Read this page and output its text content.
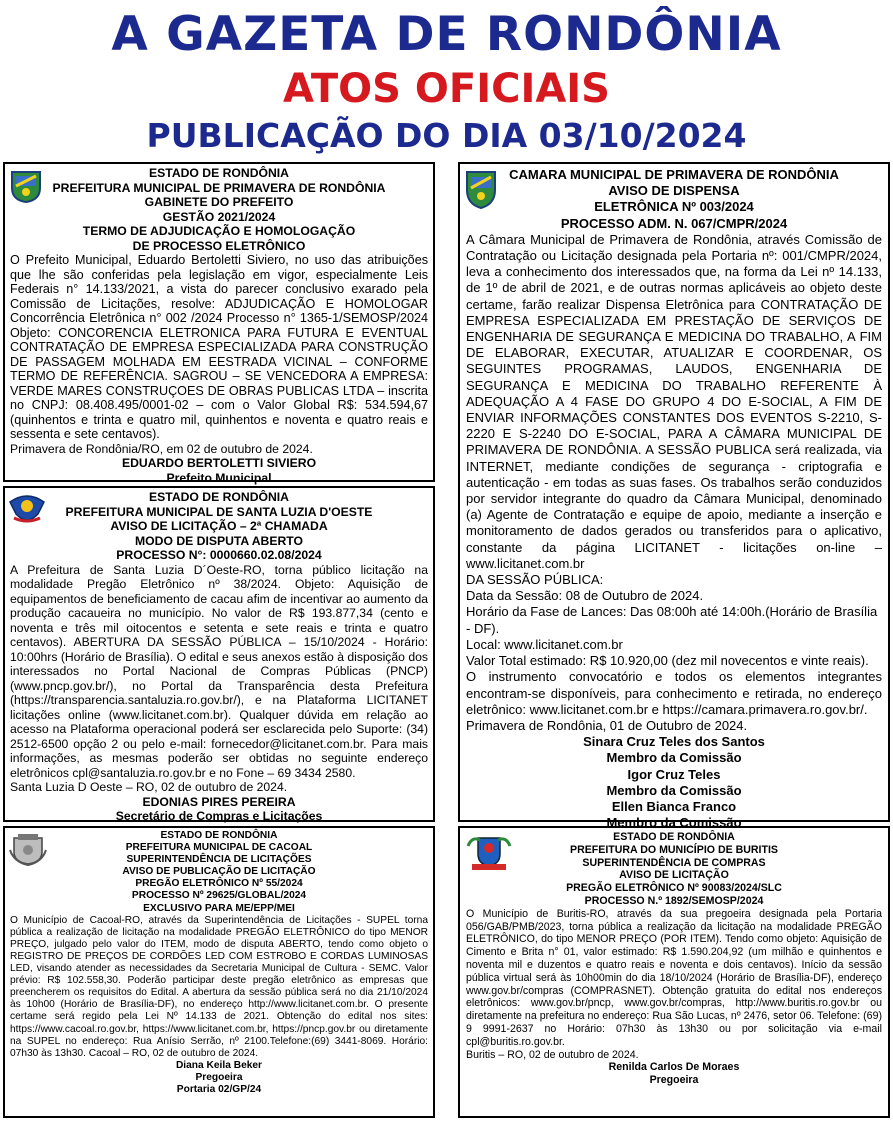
A GAZETA DE RONDÔNIA
ATOS OFICIAIS
PUBLICAÇÃO DO DIA 03/10/2024
ESTADO DE RONDÔNIA
PREFEITURA MUNICIPAL DE PRIMAVERA DE RONDÔNIA
GABINETE DO PREFEITO
GESTÃO 2021/2024
TERMO DE ADJUDICAÇÃO E HOMOLOGAÇÃO
DE PROCESSO ELETRÔNICO

O Prefeito Municipal, Eduardo Bertoletti Siviero, no uso das atribuições que lhe são conferidas pela legislação em vigor, especialmente Leis Federais n° 14.133/2021, a vista do parecer conclusivo exarado pela Comissão de Licitações, resolve: ADJUDICAÇÃO E HOMOLOGAR Concorrência Eletrônica n° 002 /2024 Processo n° 1365-1/SEMOSP/2024 Objeto: CONCORENCIA ELETRONICA PARA FUTURA E EVENTUAL CONTRATAÇÃO DE EMPRESA ESPECIALIZADA PARA CONSTRUÇÃO DE PASSAGEM MOLHADA EM EESTRADA VICINAL – CONFORME TERMO DE REFERÊNCIA. SAGROU – SE VENCEDORA A EMPRESA: VERDE MARES CONSTRUÇOES DE OBRAS PUBLICAS LTDA – inscrita no CNPJ: 08.408.495/0001-02 – com o Valor Global R$: 534.594,67 (quinhentos e trinta e quatro mil, quinhentos e noventa e quatro reais e sessenta e sete centavos).

Primavera de Rondônia/RO, em 02 de outubro de 2024.

EDUARDO BERTOLETTI SIVIERO
Prefeito Municipal
ESTADO DE RONDÔNIA
PREFEITURA MUNICIPAL DE SANTA LUZIA D'OESTE
AVISO DE LICITAÇÃO – 2ª CHAMADA
MODO DE DISPUTA ABERTO
PROCESSO N°: 0000660.02.08/2024

A Prefeitura de Santa Luzia D´Oeste-RO, torna público licitação na modalidade Pregão Eletrônico nº 38/2024. Objeto: Aquisição de equipamentos de beneficiamento de cacau afim de incentivar ao aumento da produção cacaueira no município. No valor de R$ 193.877,34 (cento e noventa e três mil oitocentos e setenta e sete reais e trinta e quatro centavos). ABERTURA DA SESSÃO PÚBLICA – 15/10/2024 - Horário: 10:00hrs (Horário de Brasília). O edital e seus anexos estão à disposição dos interessados no Portal Nacional de Compras Públicas (PNCP) (www.pncp.gov.br/), no Portal da Transparência desta Prefeitura (https://transparencia.santaluzia.ro.gov.br/), e na Plataforma LICITANET licitações online (www.licitanet.com.br). Qualquer dúvida em relação ao acesso na Plataforma operacional poderá ser esclarecida pelo Suporte: (34) 2512-6500 opção 2 ou pelo e-mail: fornecedor@licitanet.com.br. Para mais informações, as mesmas poderão ser obtidas no seguinte endereço eletrônicos cpl@santaluzia.ro.gov.br e no Fone – 69 3434 2580.

Santa Luzia D Oeste – RO, 02 de outubro de 2024.

EDONIAS PIRES PEREIRA
Secretário de Compras e Licitações
CAMARA MUNICIPAL DE PRIMAVERA DE RONDÔNIA
AVISO DE DISPENSA
ELETRÔNICA Nº 003/2024
PROCESSO ADM. N. 067/CMPR/2024

A Câmara Municipal de Primavera de Rondônia, através Comissão de Contratação ou Licitação designada pela Portaria nº: 001/CMPR/2024, leva a conhecimento dos interessados que, na forma da Lei nº 14.133, de 1º de abril de 2021, e de outras normas aplicáveis ao objeto deste certame, farão realizar Dispensa Eletrônica para CONTRATAÇÃO DE EMPRESA ESPECIALIZADA EM PRESTAÇÃO DE SERVIÇOS DE ENGENHARIA DE SEGURANÇA E MEDICINA DO TRABALHO, A FIM DE ELABORAR, EXECUTAR, ATUALIZAR E COORDENAR, OS SEGUINTES PROGRAMAS, LAUDOS, ENGENHARIA DE SEGURANÇA E MEDICINA DO TRABALHO REFERENTE À ADEQUAÇÃO A 4 FASE DO GRUPO 4 DO E-SOCIAL, A FIM DE ENVIAR INFORMAÇÕES CONSTANTES DOS EVENTOS S-2210, S-2220 E S-2240 DO E-SOCIAL, PARA A CÂMARA MUNICIPAL DE PRIMAVERA DE RONDÔNIA. A SESSÃO PUBLICA será realizada, via INTERNET, mediante condições de segurança - criptografia e autenticação - em todas as suas fases. Os trabalhos serão conduzidos por servidor integrante do quadro da Câmara Municipal, denominado (a) Agente de Contratação e equipe de apoio, mediante a inserção e monitoramento de dados gerados ou transferidos para o aplicativo, constante da página LICITANET - licitações on-line – www.licitanet.com.br

DA SESSÃO PÚBLICA:

Data da Sessão: 08 de Outubro de 2024.

Horário da Fase de Lances: Das 08:00h até 14:00h.(Horário de Brasília - DF).

Local: www.licitanet.com.br

Valor Total estimado: R$ 10.920,00 (dez mil novecentos e vinte reais).

O instrumento convocatório e todos os elementos integrantes encontram-se disponíveis, para conhecimento e retirada, no endereço eletrônico: www.licitanet.com.br e https://camara.primavera.ro.gov.br/.

Primavera de Rondônia, 01 de Outubro de 2024.

Sinara Cruz Teles dos Santos
Membro da Comissão
Igor Cruz Teles
Membro da Comissão
Ellen Bianca Franco
Membro da Comissão
ESTADO DE RONDÔNIA
PREFEITURA MUNICIPAL DE CACOAL
SUPERINTENDÊNCIA DE LICITAÇÕES
AVISO DE PUBLICAÇÃO DE LICITAÇÃO
PREGÃO ELETRÔNICO Nº 55/2024
PROCESSO Nº 29625/GLOBAL/2024
EXCLUSIVO PARA ME/EPP/MEI

O Município de Cacoal-RO, através da Superintendência de Licitações - SUPEL torna pública a realização de licitação na modalidade PREGÃO ELETRÔNICO do tipo MENOR PREÇO, julgado pelo valor do ITEM, modo de disputa ABERTO, tendo como objeto o REGISTRO DE PREÇOS DE CORDÕES LED COM ESTROBO E CORDAS LUMINOSAS LED, visando atender as necessidades da Secretaria Municipal de Cultura - SEMC. Valor prévio: R$ 102.558,30. Poderão participar deste pregão eletrônico as empresas que preencherem os requisitos do Edital. A abertura da sessão pública será no dia 21/10/2024 às 10h00 (Horário de Brasília-DF), no endereço http://www.licitanet.com.br. O presente certame será regido pela Lei Nº 14.133 de 2021. Obtenção do edital nos sites: https://www.cacoal.ro.gov.br, https://www.licitanet.com.br, https://pncp.gov.br ou diretamente na SUPEL no endereço: Rua Anísio Serrão, nº 2100.Telefone:(69) 3441-8069. Horário: 07h30 às 13h30. Cacoal – RO, 02 de outubro de 2024.

Diana Keila Beker
Pregoeira
Portaria 02/GP/24
ESTADO DE RONDÔNIA
PREFEITURA DO MUNICÍPIO DE BURITIS
SUPERINTENDÊNCIA DE COMPRAS
AVISO DE LICITAÇÃO
PREGÃO ELETRÔNICO Nº 90083/2024/SLC
PROCESSO N.º 1892/SEMOSP/2024

O Município de Buritis-RO, através da sua pregoeira designada pela Portaria 056/GAB/PMB/2023, torna pública a realização da licitação na modalidade PREGÃO ELETRÔNICO, do tipo MENOR PREÇO (POR ITEM). Tendo como objeto: Aquisição de Cimento e Brita n° 01, valor estimado: R$ 1.590.204,92 (um milhão e quinhentos e noventa mil e duzentos e quatro reais e noventa e dois centavos). Início da sessão pública virtual será às 10h00min do dia 18/10/2024 (Horário de Brasília-DF), endereço www.gov.br/compras (COMPRASNET). Obtenção gratuita do edital nos endereços eletrônicos: www.gov.br/pncp, www.gov.br/compras, http://www.buritis.ro.gov.br ou diretamente na prefeitura no endereço: Rua São Lucas, nº 2476, setor 06. Telefone: (69) 9 9991-2637 no Horário: 07h30 às 13h30 ou por solicitação via e-mail cpl@buritis.ro.gov.br.

Buritis – RO, 02 de outubro de 2024.

Renilda Carlos De Moraes
Pregoeira
